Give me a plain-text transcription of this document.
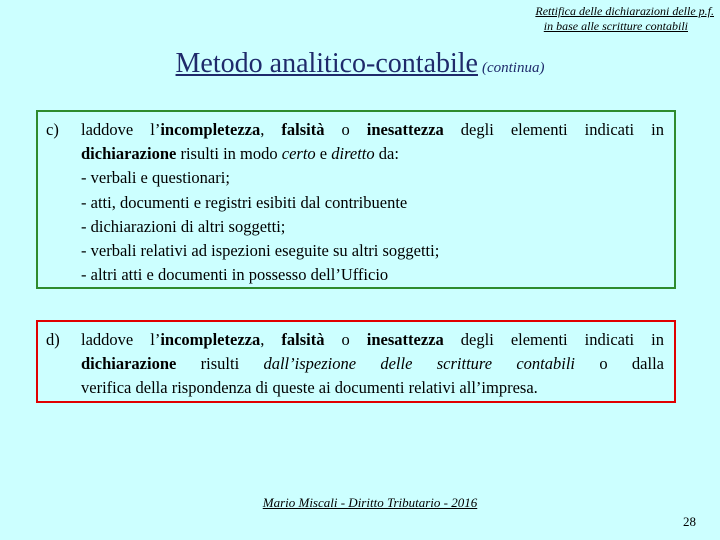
Rettifica delle dichiarazioni delle p.f.
in base alle scritture contabili
Metodo analitico-contabile (continua)
c) laddove l’incompletezza, falsità o inesattezza degli elementi indicati in
dichiarazione risulti in modo certo e diretto da:
- verbali e questionari;
- atti, documenti e registri esibiti dal contribuente
- dichiarazioni di altri soggetti;
- verbali relativi ad ispezioni eseguite su altri soggetti;
- altri atti e documenti in possesso dell’Ufficio
d) laddove l’incompletezza, falsità o inesattezza degli elementi indicati in
dichiarazione risulti dall’ispezione delle scritture contabili o dalla
verifica della rispondenza di queste ai documenti relativi all’impresa.
Mario Miscali - Diritto Tributario - 2016
28
